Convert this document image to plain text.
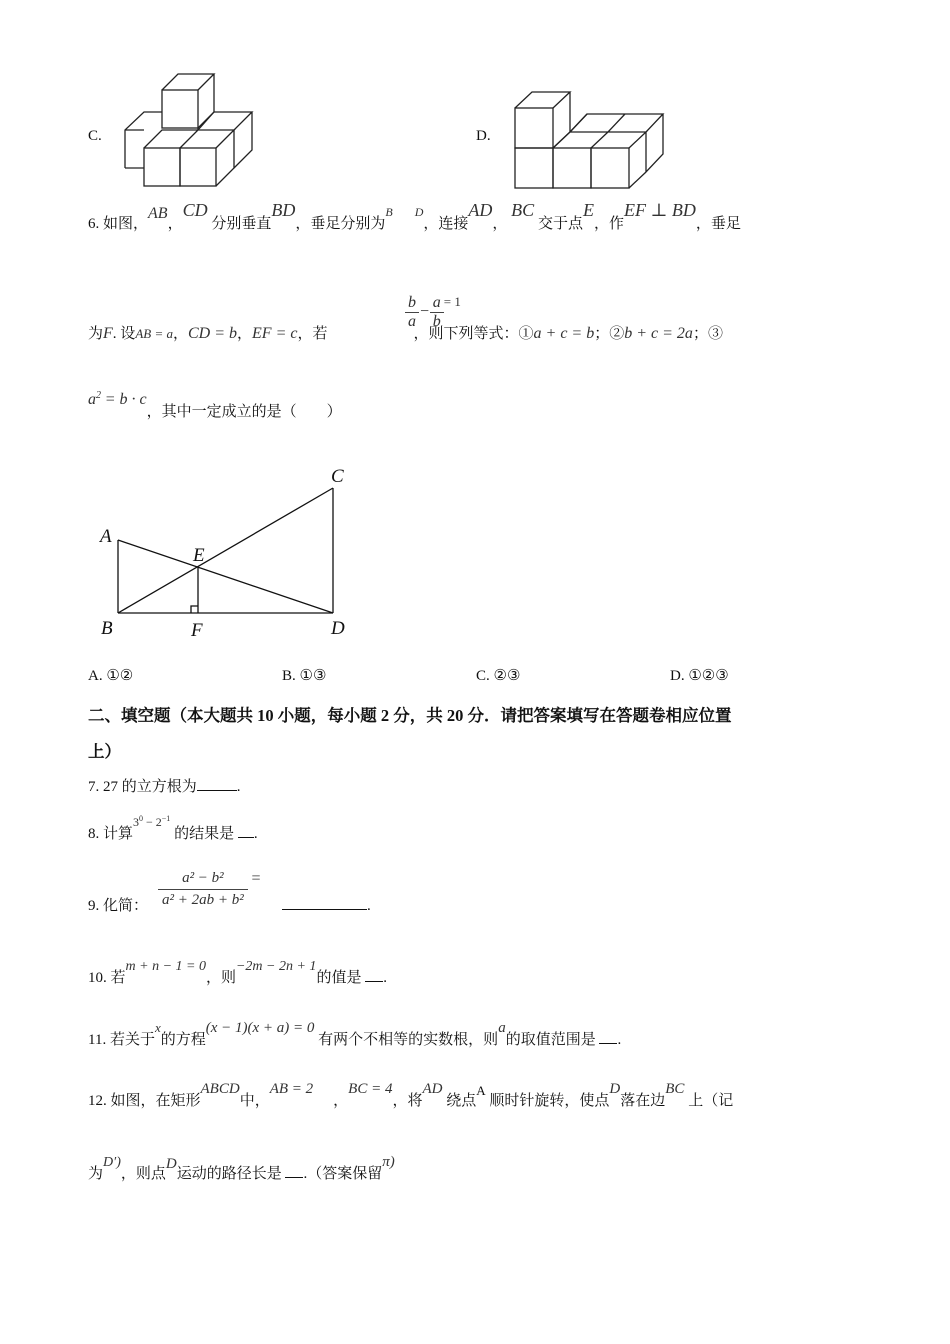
C.	D.
6. 如图，AB，CD 分别垂直BD，垂足分别为$^B$ $^D$，连接AD， BC 交于点E，作EF ⊥ BD，垂足
$\frac{b}{a} - \frac{a}{b} ^{= 1}$
为F. 设AB = a，CD = b，EF = c，若	，则下列等式：①a + c = b；②b + c = 2a；③
$a^2 = b \cdot c$，其中一定成立的是（　　）
A
B
C
D
E
F
A. ①②	B. ①③	C. ②③	D. ①②③
二、填空题（本大题共 10 小题，每小题 2 分，共 20 分．请把答案填写在答题卷相应位置
上）
7. 27 的立方根为	.
8. 计算$^{3^0 - 2^{-1}}$ 的结果是 .
9. 化简： $\frac{\text{a² − b²}}{\text{a² + 2ab + b²}}$ =
.
10. 若m + n − 1 = 0，则−2m − 2n + 1的值是 .
11. 若关于x的方程(x − 1)(x + a) = 0 有两个不相等的实数根，则a的取值范围是 .
12. 如图，在矩形ABCD中，AB = 2，BC = 4，将AD 绕点A 顺时针旋转，使点D落在边BC 上（记
为D′)，则点D运动的路径长是 .（答案保留π)
